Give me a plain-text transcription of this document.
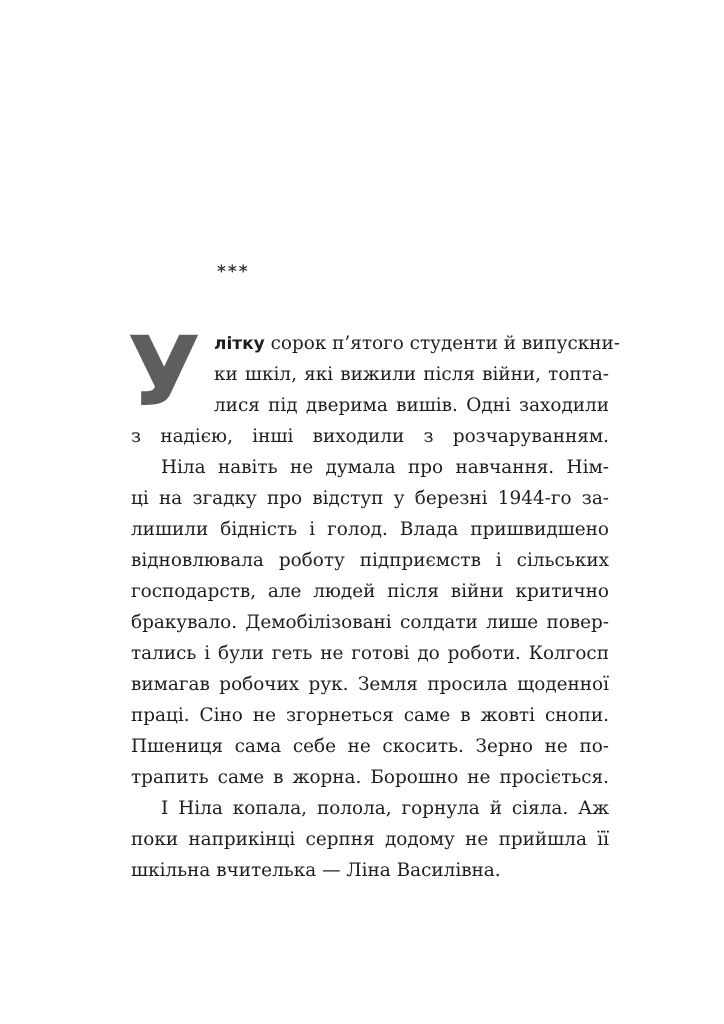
***
У літку сорок п’ятого студенти й випускни-
ки шкіл, які вижили після війни, топта-
лися під дверима вишів. Одні заходили
з надією, інші виходили з розчаруванням.
Ніла навіть не думала про навчання. Нім-
ці на згадку про відступ у березні 1944-го за-
лишили бідність і голод. Влада пришвидшено
відновлювала роботу підприємств і сільських
господарств, але людей після війни критично
бракувало. Демобілізовані солдати лише повер-
тались і були геть не готові до роботи. Колгосп
вимагав робочих рук. Земля просила щоденної
праці. Сіно не згорнеться саме в жовті снопи.
Пшениця сама себе не скосить. Зерно не по-
трапить саме в жорна. Борошно не просіється.
І Ніла копала, полола, горнула й сіяла. Аж
поки наприкінці серпня додому не прийшла її
шкільна вчителька — Ліна Василівна.
